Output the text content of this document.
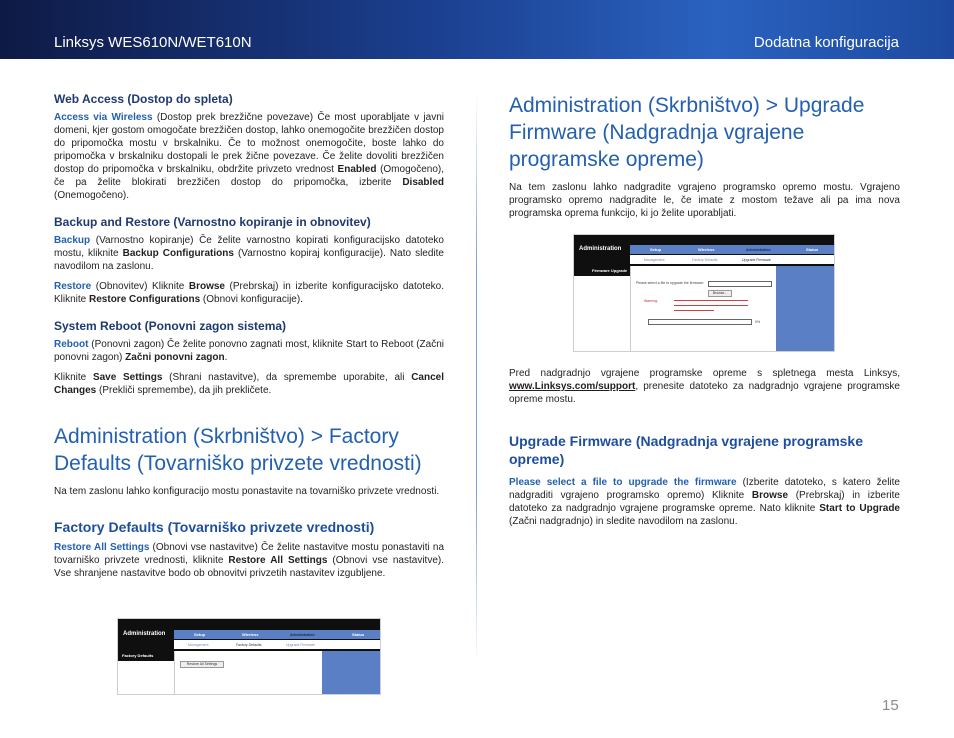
Linksys WES610N/WET610N	Dodatna konfiguracija
Web Access (Dostop do spleta)

Access via Wireless (Dostop prek brezžične povezave) Če most uporabljate v javni domeni, kjer gostom omogočate brezžičen dostop, lahko onemogočite brezžičen dostop do pripomočka mostu v brskalniku. Če to možnost onemogočite, boste lahko do pripomočka v brskalniku dostopali le prek žične povezave. Če želite dovoliti brezžičen dostop do pripomočka v brskalniku, obdržite privzeto vrednost Enabled (Omogočeno), če pa želite blokirati brezžičen dostop do pripomočka, izberite Disabled (Onemogočeno).

Backup and Restore (Varnostno kopiranje in obnovitev)

Backup (Varnostno kopiranje) Če želite varnostno kopirati konfiguracijsko datoteko mostu, kliknite Backup Configurations (Varnostno kopiraj konfiguracije). Nato sledite navodilom na zaslonu.

Restore (Obnovitev) Kliknite Browse (Prebrskaj) in izberite konfiguracijsko datoteko. Kliknite Restore Configurations (Obnovi konfiguracije).

System Reboot (Ponovni zagon sistema)

Reboot (Ponovni zagon) Če želite ponovno zagnati most, kliknite Start to Reboot (Začni ponovni zagon) Začni ponovni zagon.

Kliknite Save Settings (Shrani nastavitve), da spremembe uporabite, ali Cancel Changes (Prekliči spremembe), da jih prekličete.

Administration (Skrbništvo) > Factory Defaults (Tovarniško privzete vrednosti)

Na tem zaslonu lahko konfiguracijo mostu ponastavite na tovarniško privzete vrednosti.

Factory Defaults (Tovarniško privzete vrednosti)

Restore All Settings (Obnovi vse nastavitve) Če želite nastavitve mostu ponastaviti na tovarniško privzete vrednosti, kliknite Restore All Settings (Obnovi vse nastavitve). Vse shranjene nastavitve bodo ob obnovitvi privzetih nastavitev izgubljene.

Administration	Setup	Wireless	Administration	Status
Management	Factory Defaults	Upgrade Firmware
Factory Defaults
Restore All Settings
Administration (Skrbništvo) > Upgrade Firmware (Nadgradnja vgrajene programske opreme)

Na tem zaslonu lahko nadgradite vgrajeno programsko opremo mostu. Vgrajeno programsko opremo nadgradite le, če imate z mostom težave ali pa ima nova programska oprema funkcijo, ki jo želite uporabljati.

Administration	Setup	Wireless	Administration	Status
Management	Factory Defaults	Upgrade Firmware
Firmware Upgrade
Please select a file to upgrade the firmware:
Browse...
Warning:
0%

Pred nadgradnjo vgrajene programske opreme s spletnega mesta Linksys, www.Linksys.com/support, prenesite datoteko za nadgradnjo vgrajene programske opreme mostu.

Upgrade Firmware (Nadgradnja vgrajene programske opreme)

Please select a file to upgrade the firmware (Izberite datoteko, s katero želite nadgraditi vgrajeno programsko opremo) Kliknite Browse (Prebrskaj) in izberite datoteko za nadgradnjo vgrajene programske opreme. Nato kliknite Start to Upgrade (Začni nadgradnjo) in sledite navodilom na zaslonu.

15
